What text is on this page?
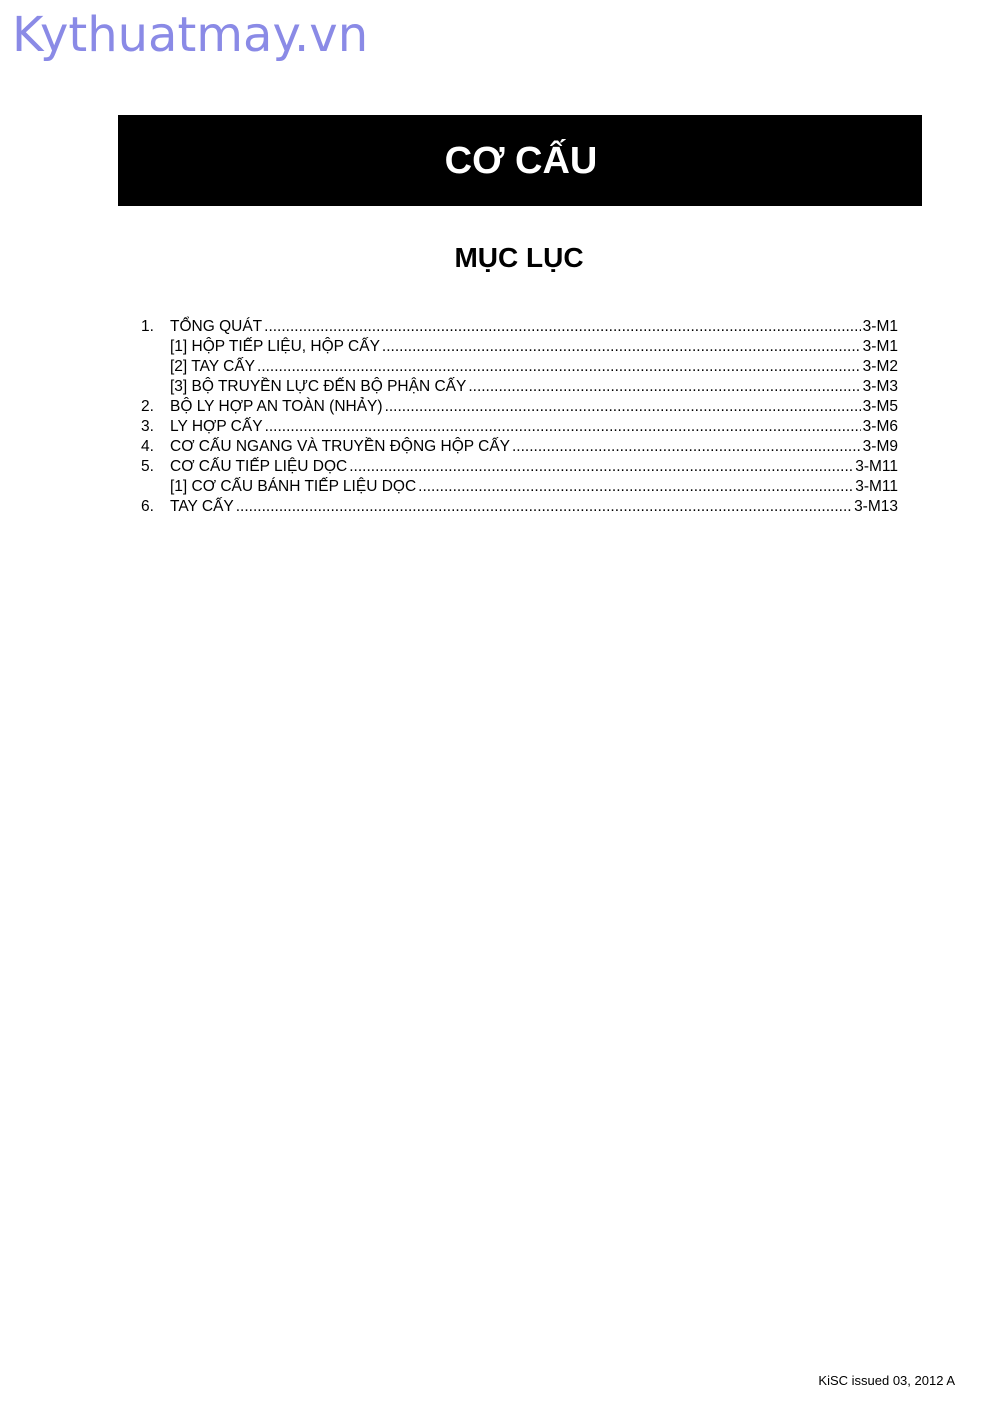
Kythuatmay.vn
CƠ CẤU
MỤC LỤC
1.	TỔNG QUÁT .....	3-M1
[1] HỘP TIẾP LIỆU, HỘP CẤY .....	3-M1
[2] TAY CẤY .....	3-M2
[3] BỘ TRUYỀN LỰC ĐẾN BỘ PHẬN CẤY .....	3-M3
2.	BỘ LY HỢP AN TOÀN (NHẢY) .....	3-M5
3.	LY HỢP CẤY .....	3-M6
4.	CƠ CẤU NGANG VÀ TRUYỀN ĐỘNG HỘP CẤY .....	3-M9
5.	CƠ CẤU TIẾP LIỆU DỌC .....	3-M11
[1] CƠ CẤU BÁNH TIẾP LIỆU DỌC .....	3-M11
6.	TAY CẤY .....	3-M13
KiSC issued 03, 2012 A
